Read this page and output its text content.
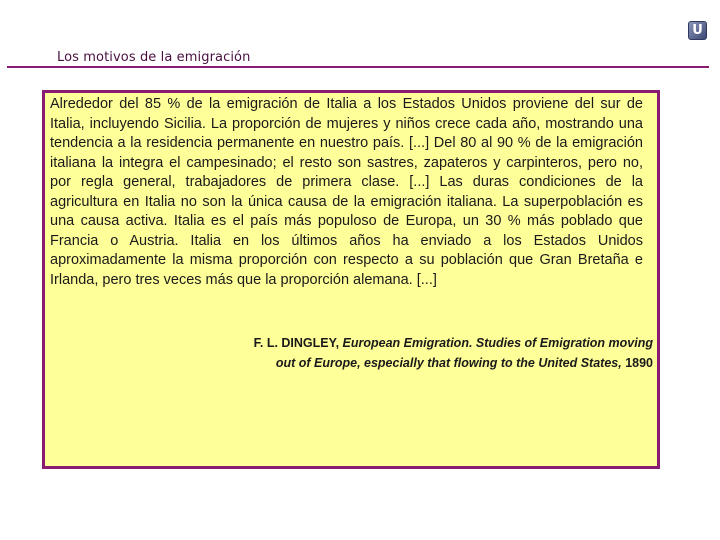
U
Los motivos de la emigración

Alrededor del 85 % de la emigración de Italia a los Estados Unidos proviene del sur de Italia, incluyendo Sicilia. La proporción de mujeres y niños crece cada año, mostrando una tendencia a la residencia permanente en nuestro país. [...] Del 80 al 90 % de la emigración italiana la integra el campesinado; el resto son sastres, zapateros y carpinteros, pero no, por regla general, trabajadores de primera clase. [...] Las duras condiciones de la agricultura en Italia no son la única causa de la emigración italiana. La superpoblación es una causa activa. Italia es el país más populoso de Europa, un 30 % más poblado que Francia o Austria. Italia en los últimos años ha enviado a los Estados Unidos aproximadamente la misma proporción con respecto a su población que Gran Bretaña e Irlanda, pero tres veces más que la proporción alemana. [...]

F. L. DINGLEY, European Emigration. Studies of Emigration moving out of Europe, especially that flowing to the United States, 1890
